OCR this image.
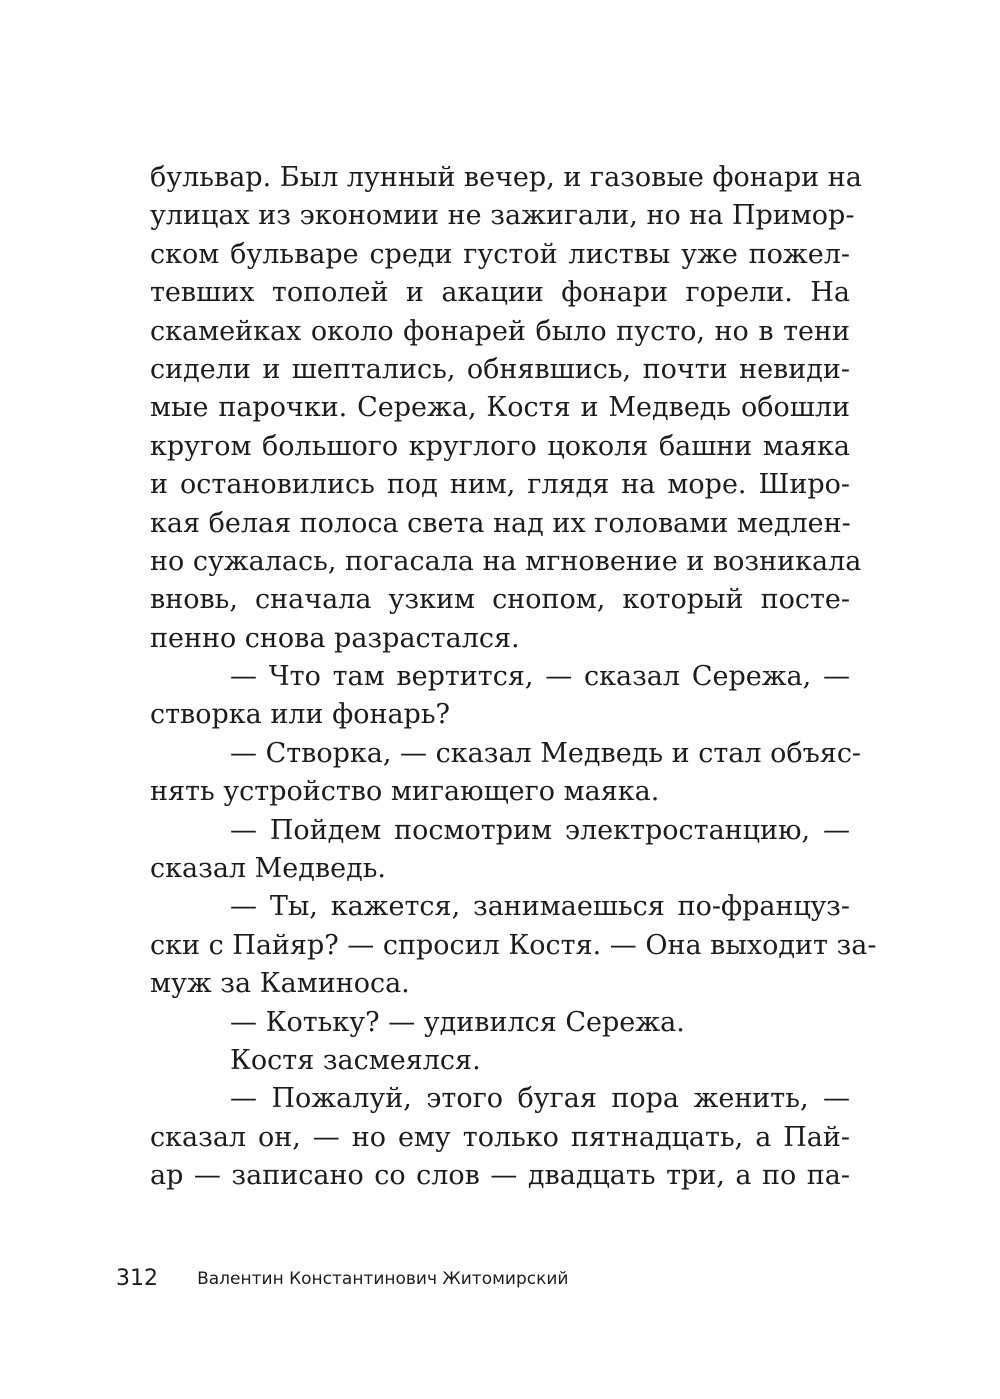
бульвар. Был лунный вечер, и газовые фонари на
улицах из экономии не зажигали, но на Примор-
ском бульваре среди густой листвы уже пожел-
тевших тополей и акации фонари горели. На
скамейках около фонарей было пусто, но в тени
сидели и шептались, обнявшись, почти невиди-
мые парочки. Сережа, Костя и Медведь обошли
кругом большого круглого цоколя башни маяка
и остановились под ним, глядя на море. Широ-
кая белая полоса света над их головами медлен-
но сужалась, погасала на мгновение и возникала
вновь, сначала узким снопом, который посте-
пенно снова разрастался.
— Что там вертится, — сказал Сережа, —
створка или фонарь?
— Створка, — сказал Медведь и стал объяс-
нять устройство мигающего маяка.
— Пойдем посмотрим электростанцию, —
сказал Медведь.
— Ты, кажется, занимаешься по-францyз-
ски с Пайяр? — спросил Костя. — Она выходит за-
муж за Каминоса.
— Котьку? — удивился Сережа.
Костя засмеялся.
— Пожалуй, этого бугая пора женить, —
сказал он, — но ему только пятнадцать, а Пай-
ар — записано со слов — двадцать три, а по па-
312 Валентин Константинович Житомирский
